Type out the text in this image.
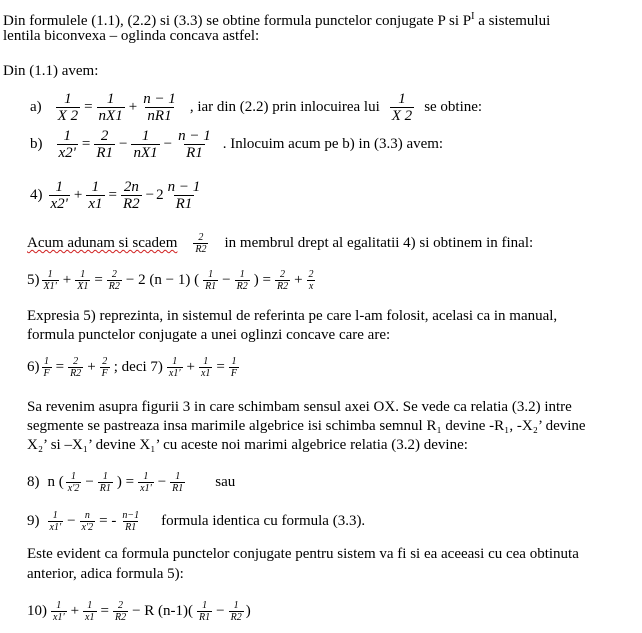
Din formulele (1.1), (2.2) si (3.3) se obtine formula punctelor conjugate P si $P^I$ a sistemului
lentila biconvexa – oglinda concava astfel:
Din (1.1) avem:
$a) \frac{1}{X 2} = \frac{1}{nX1} + \frac{n - 1}{nR1}$ , iar din (2.2) prin inlocuirea lui $\frac{1}{X 2}$ se obtine:
$b) \frac{1}{x2'} = \frac{2}{R1} - \frac{1}{nX1} - \frac{n - 1}{R1}$ . Inlocuim acum pe b) in (3.3) avem:
$4) \frac{1}{x2'} + \frac{1}{x1} = \frac{2n}{R2} - 2 \frac{n - 1}{R1}$
Acum adunam si scadem $\frac{2}{R2}$ in membrul drept al egalitatii 4) si obtinem in final:
$5) \frac{1}{X1'} + \frac{1}{X1} = \frac{2}{R2} - 2$ (n − 1) ( $\frac{1}{R1} - \frac{1}{R2}$ ) = $\frac{2}{R2} + \frac{2}{x}$
Expresia 5) reprezinta, in sistemul de referinta pe care l-am folosit, acelasi ca in manual,
formula punctelor conjugate a unei oglinzi concave care are:
$6) \frac{1}{F} = \frac{2}{R2} + \frac{2}{F}$ ; deci $7) \frac{1}{x1'} + \frac{1}{x1} = \frac{1}{F}$
Sa revenim asupra figurii 3 in care schimbam sensul axei OX. Se vede ca relatia (3.2) intre
segmente se pastreaza insa marimile algebrice isi schimba semnul R₁ devine -R₁, -X₂’ devine
X₂’ si –X₁’ devine X₁’ cu aceste noi marimi algebrice relatia (3.2) devine:
8) n ( $\frac{1}{x'2} - \frac{1}{R1}$ ) = $\frac{1}{x1'} - \frac{1}{R1}$ sau
$9) \frac{1}{x1'} - \frac{n}{x'2}$ = - $\frac{n-1}{R1}$ formula identica cu formula (3.3).
Este evident ca formula punctelor conjugate pentru sistem va fi si ea aceeasi cu cea obtinuta
anterior, adica formula 5):
$10) \frac{1}{x1'} + \frac{1}{x1} = \frac{2}{R2} - R$ $(n-1)( \frac{1}{R1} - \frac{1}{R2}$ )
